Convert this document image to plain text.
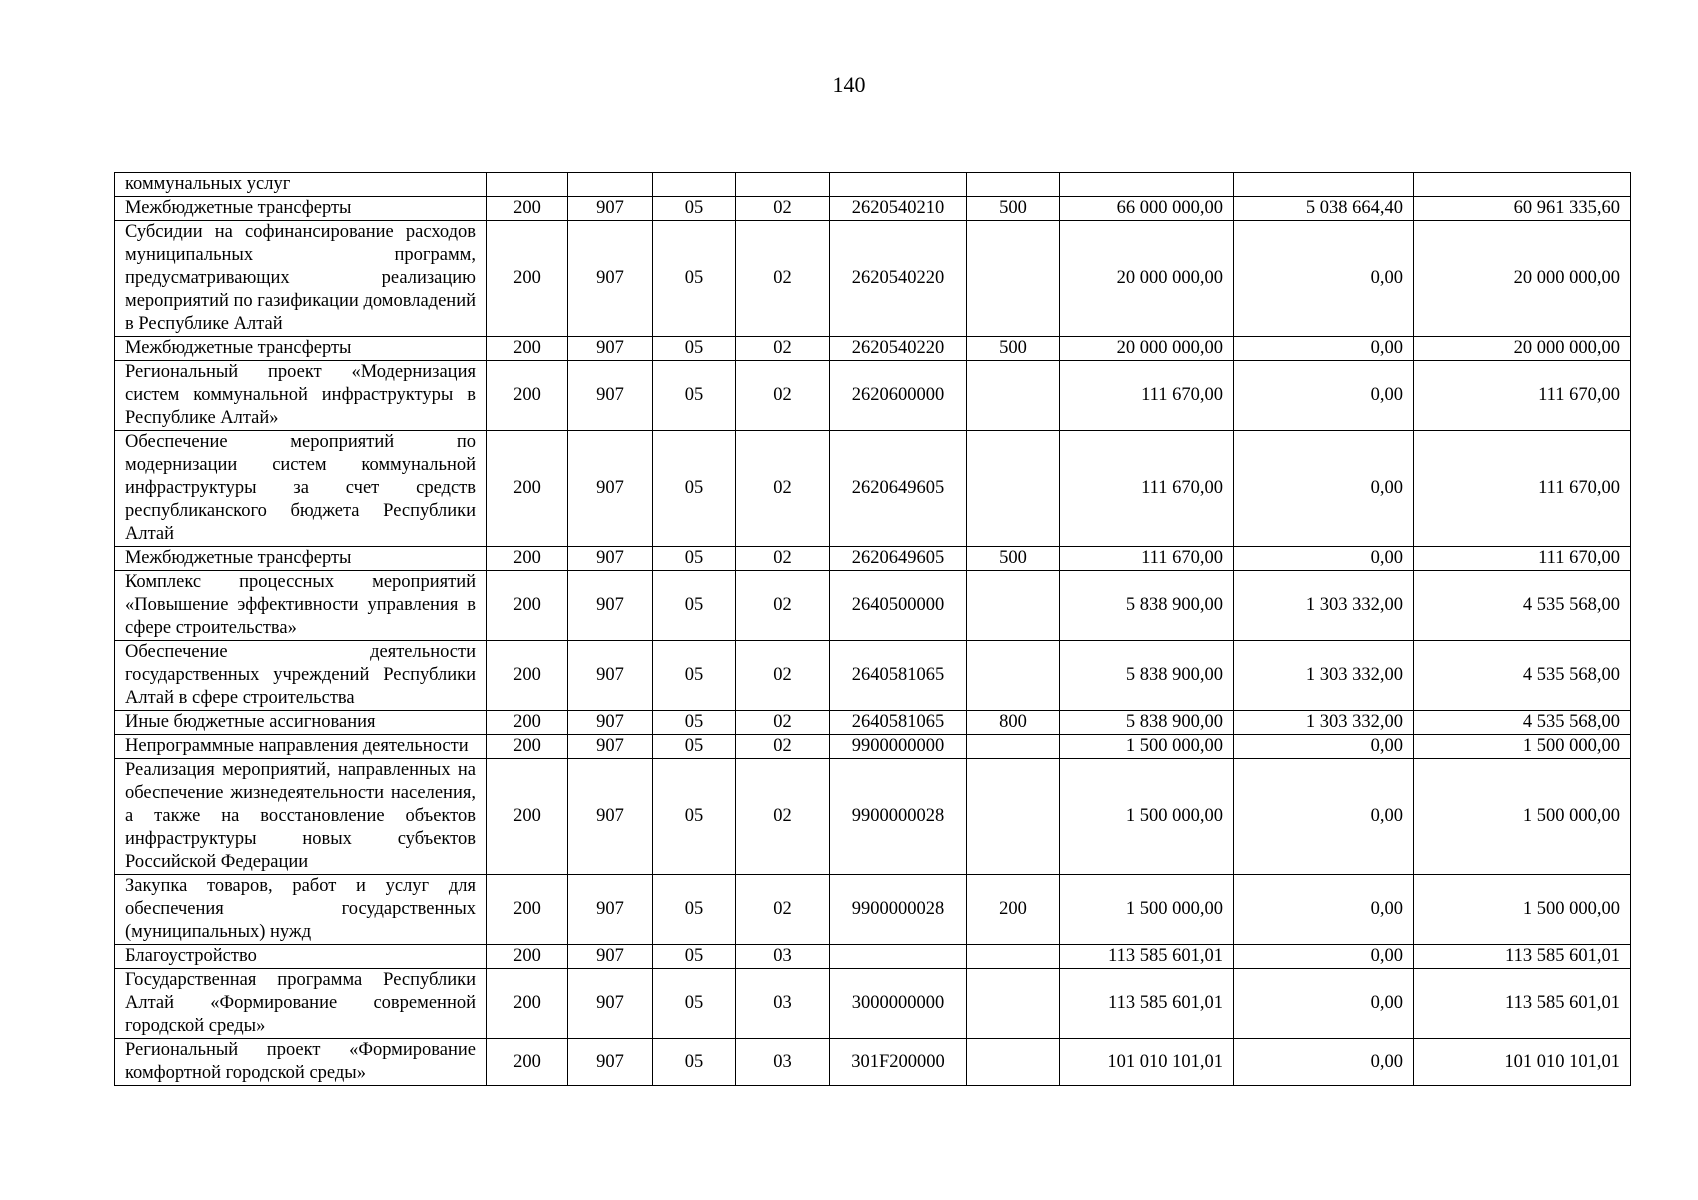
140
коммунальных услуг									
Межбюджетные трансферты	200	907	05	02	2620540210	500	66 000 000,00	5 038 664,40	60 961 335,60
Субсидии на софинансирование расходов муниципальных программ, предусматривающих реализацию мероприятий по газификации домовладений в Республике Алтай	200	907	05	02	2620540220		20 000 000,00	0,00	20 000 000,00
Межбюджетные трансферты	200	907	05	02	2620540220	500	20 000 000,00	0,00	20 000 000,00
Региональный проект «Модернизация систем коммунальной инфраструктуры в Республике Алтай»	200	907	05	02	2620600000		111 670,00	0,00	111 670,00
Обеспечение мероприятий по модернизации систем коммунальной инфраструктуры за счет средств республиканского бюджета Республики Алтай	200	907	05	02	2620649605		111 670,00	0,00	111 670,00
Межбюджетные трансферты	200	907	05	02	2620649605	500	111 670,00	0,00	111 670,00
Комплекс процессных мероприятий «Повышение эффективности управления в сфере строительства»	200	907	05	02	2640500000		5 838 900,00	1 303 332,00	4 535 568,00
Обеспечение деятельности государственных учреждений Республики Алтай в сфере строительства	200	907	05	02	2640581065		5 838 900,00	1 303 332,00	4 535 568,00
Иные бюджетные ассигнования	200	907	05	02	2640581065	800	5 838 900,00	1 303 332,00	4 535 568,00
Непрограммные направления деятельности	200	907	05	02	9900000000		1 500 000,00	0,00	1 500 000,00
Реализация мероприятий, направленных на обеспечение жизнедеятельности населения, а также на восстановление объектов инфраструктуры новых субъектов Российской Федерации	200	907	05	02	9900000028		1 500 000,00	0,00	1 500 000,00
Закупка товаров, работ и услуг для обеспечения государственных (муниципальных) нужд	200	907	05	02	9900000028	200	1 500 000,00	0,00	1 500 000,00
Благоустройство	200	907	05	03			113 585 601,01	0,00	113 585 601,01
Государственная программа Республики Алтай «Формирование современной городской среды»	200	907	05	03	3000000000		113 585 601,01	0,00	113 585 601,01
Региональный проект «Формирование комфортной городской среды»	200	907	05	03	301F200000		101 010 101,01	0,00	101 010 101,01
